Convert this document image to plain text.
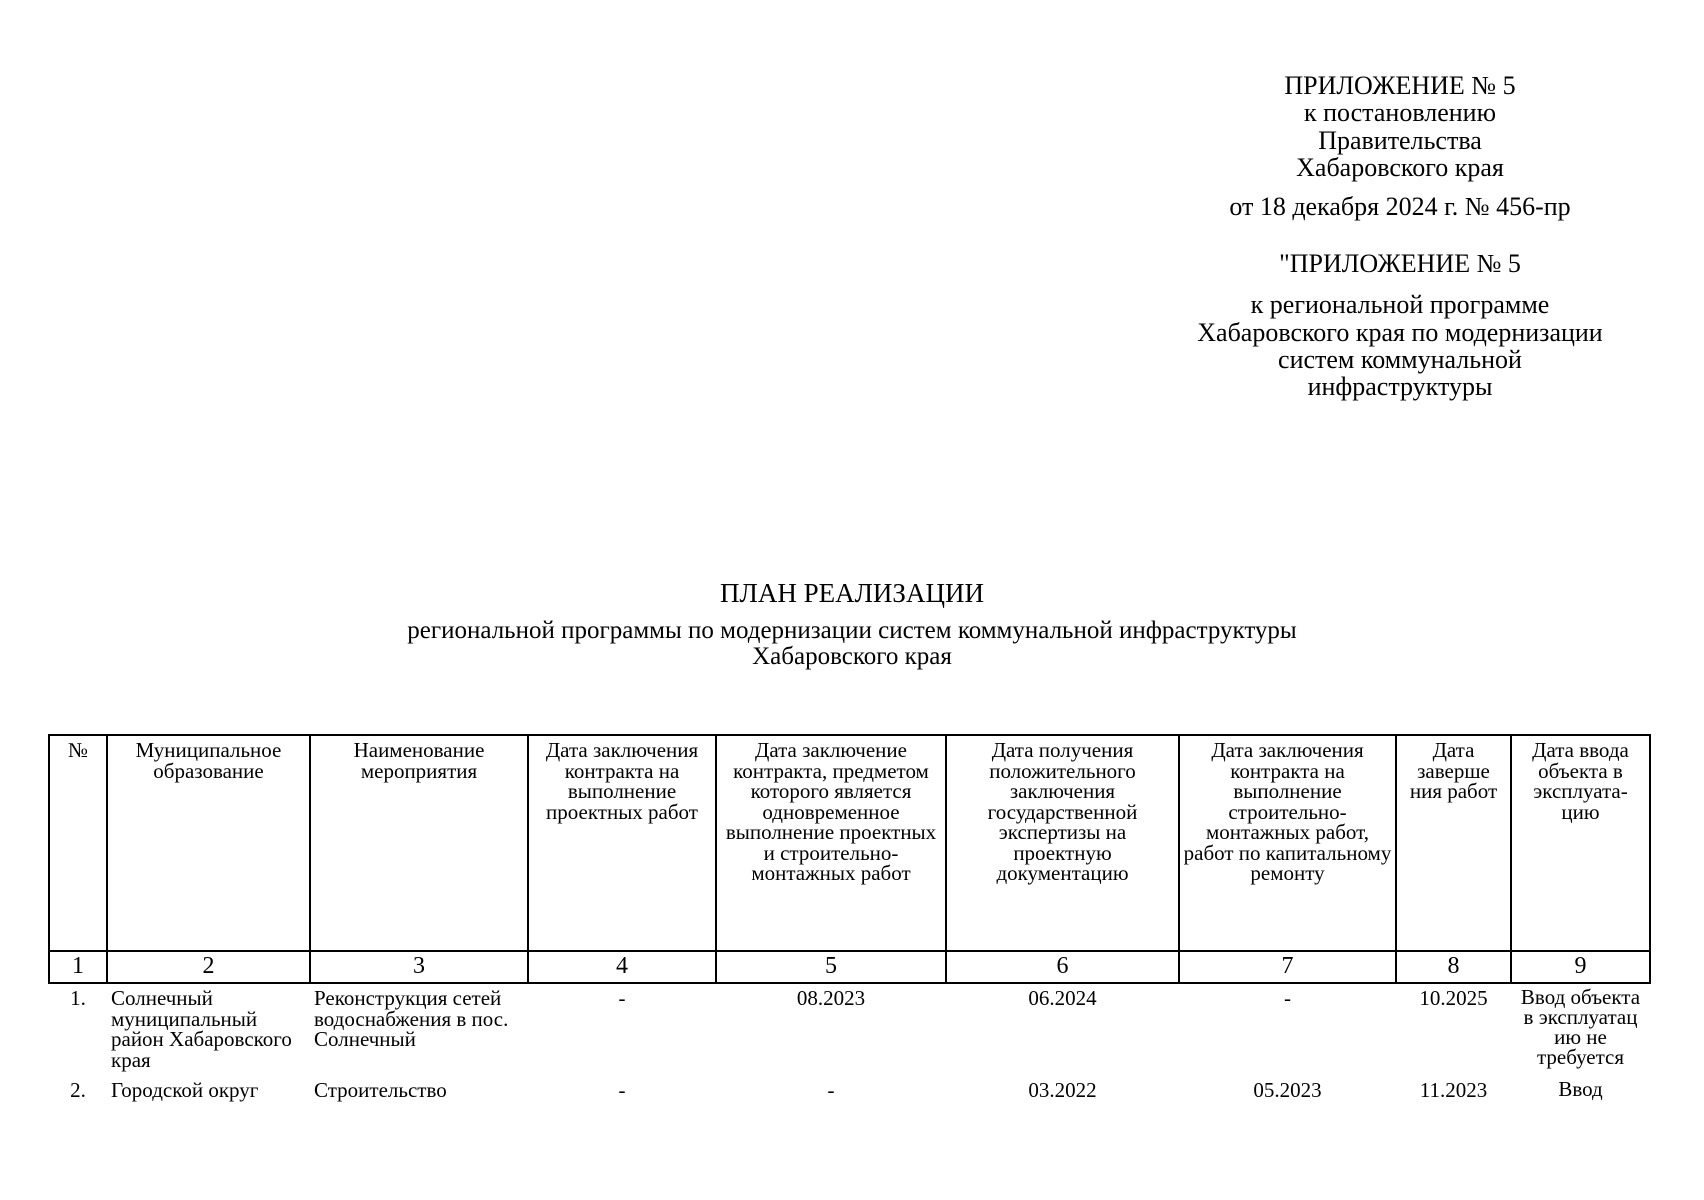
ПРИЛОЖЕНИЕ № 5
к постановлению
Правительства
Хабаровского края
от 18 декабря 2024 г. № 456-пр
"ПРИЛОЖЕНИЕ № 5
к региональной программе
Хабаровского края по модернизации
систем коммунальной
инфраструктуры
ПЛАН РЕАЛИЗАЦИИ
региональной программы по модернизации систем коммунальной инфраструктуры
Хабаровского края
№	Муниципальное образование	Наименование мероприятия	Дата заключения контракта на выполнение проектных работ	Дата заключение контракта, предметом которого является одновременное выполнение проектных и строительно-монтажных работ	Дата получения положительного заключения государственной экспертизы на проектную документацию	Дата заключения контракта на выполнение строительно-монтажных работ, работ по капитальному ремонту	Дата заверше ния работ	Дата ввода объекта в эксплуата-цию
1	2	3	4	5	6	7	8	9
1.	Солнечный муниципальный район Хабаровского края	Реконструкция сетей водоснабжения в пос. Солнечный	-	08.2023	06.2024	-	10.2025	Ввод объекта в эксплуатац ию не требуется
2.	Городской округ	Строительство	-	-	03.2022	05.2023	11.2023	Ввод
